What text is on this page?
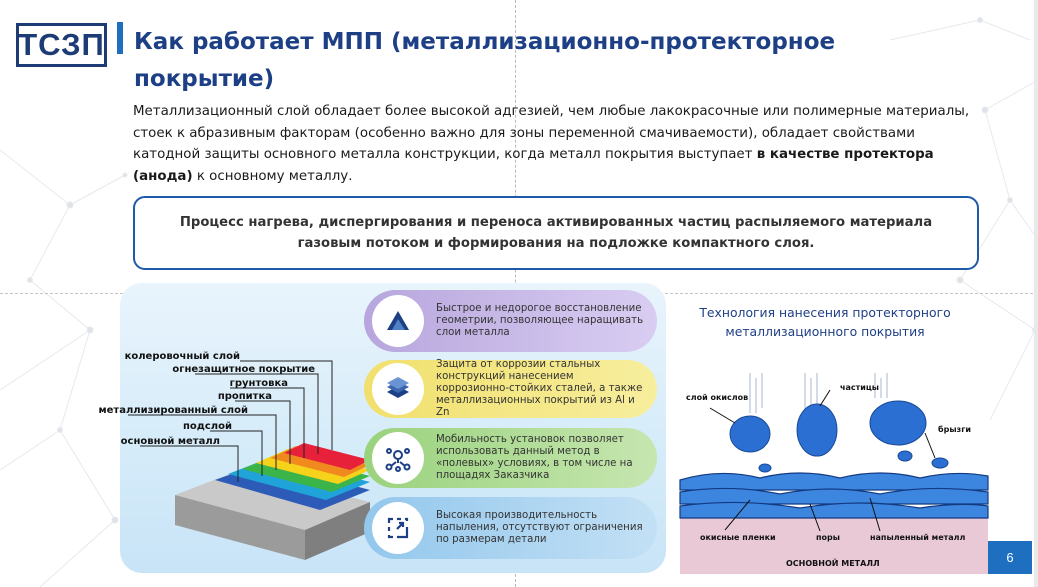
ТСЗП Как работает МПП (металлизационно-протекторное покрытие)

Металлизационный слой обладает более высокой адгезией, чем любые лакокрасочные или полимерные материалы, стоек к абразивным факторам (особенно важно для зоны переменной смачиваемости), обладает свойствами катодной защиты основного металла конструкции, когда металл покрытия выступает в качестве протектора (анода) к основному металлу.

Процесс нагрева, диспергирования и переноса активированных частиц распыляемого материала газовым потоком и формирования на подложке компактного слоя.
колеровочный слой
огнезащитное покрытие
грунтовка
пропитка
металлизированный слой
подслой
основной металл
Быстрое и недорогое восстановление геометрии, позволяющее наращивать слои металла
Защита от коррозии стальных конструкций нанесением коррозионно-стойких сталей, а также металлизационных покрытий из Al и Zn
Мобильность установок позволяет использовать данный метод в «полевых» условиях, в том числе на площадях Заказчика
Высокая производительность напыления, отсутствуют ограничения по размерам детали

Технология нанесения протекторного металлизационного покрытия

слой окислов
частицы
брызги
окисные пленки	поры	напыленный металл
ОСНОВНОЙ МЕТАЛЛ	6
